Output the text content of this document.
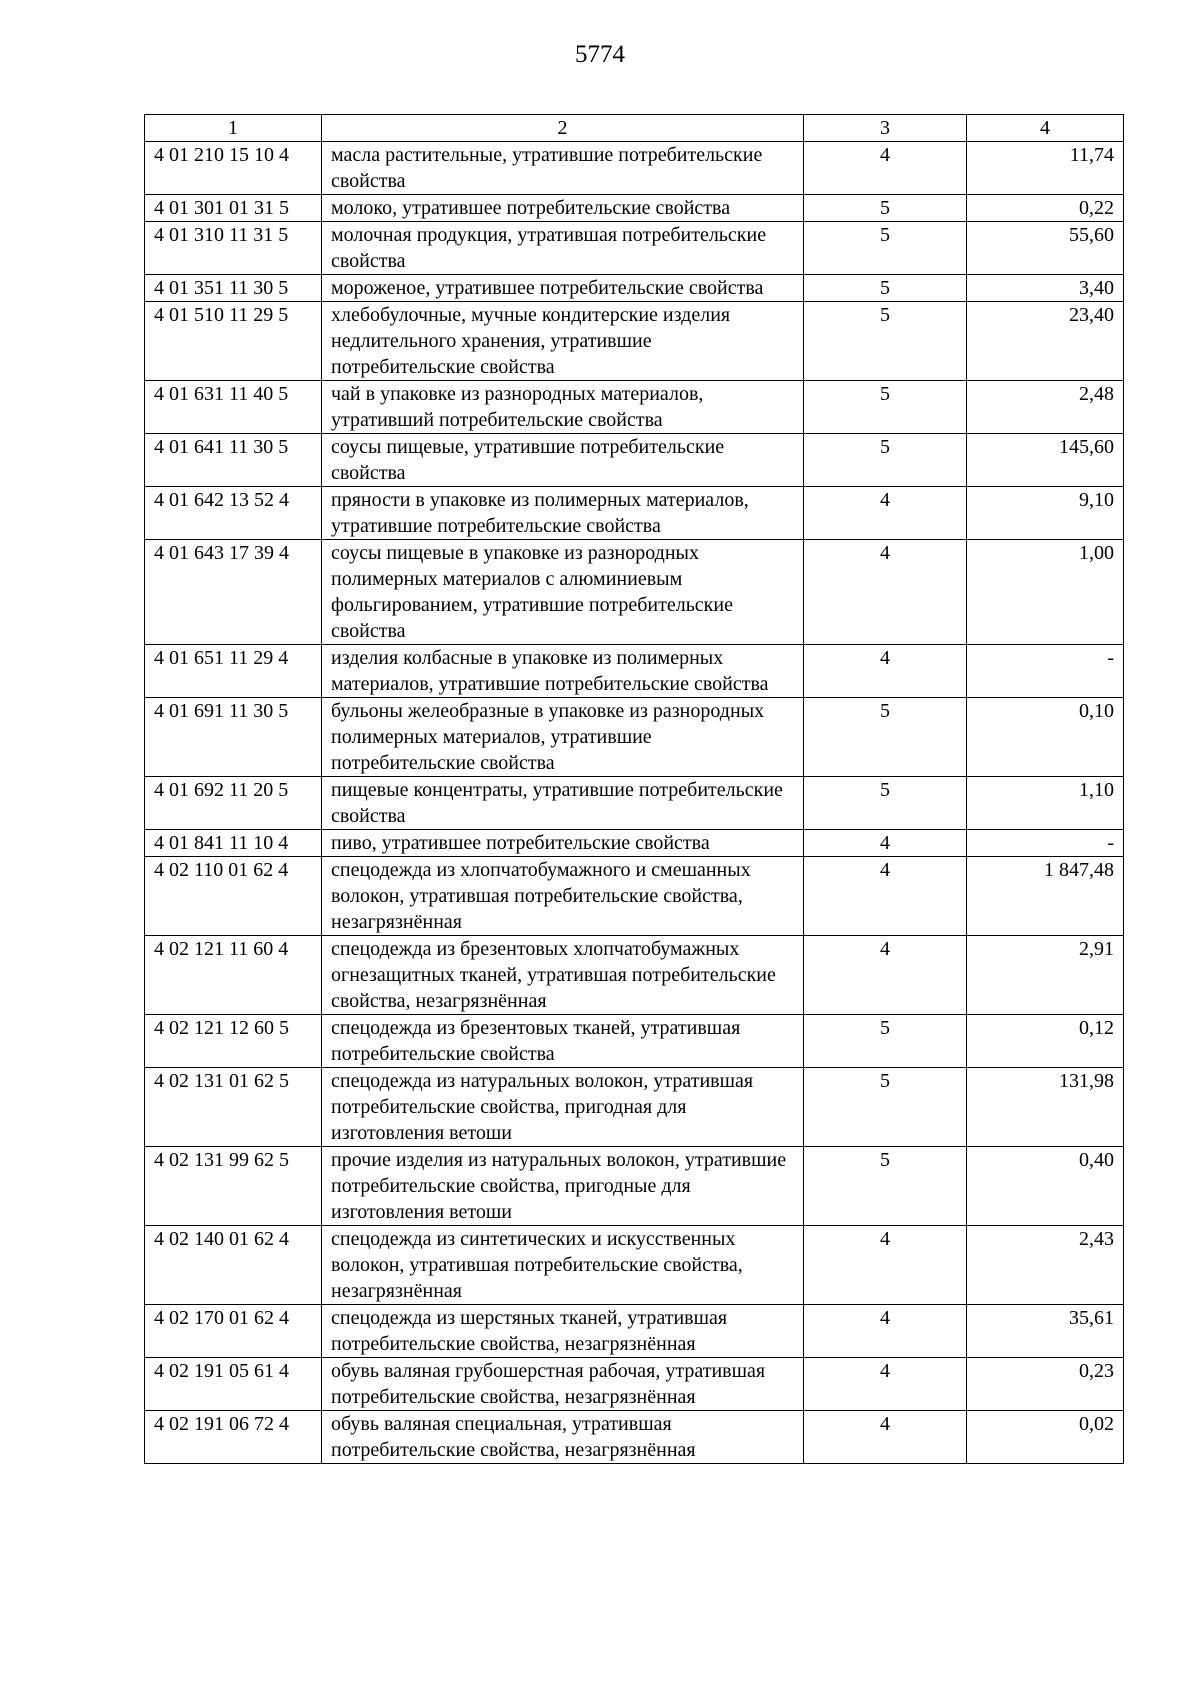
5774
1	2	3	4
4 01 210 15 10 4	масла растительные, утратившие потребительские свойства	4	11,74
4 01 301 01 31 5	молоко, утратившее потребительские свойства	5	0,22
4 01 310 11 31 5	молочная продукция, утратившая потребительские свойства	5	55,60
4 01 351 11 30 5	мороженое, утратившее потребительские свойства	5	3,40
4 01 510 11 29 5	хлебобулочные, мучные кондитерские изделия недлительного хранения, утратившие потребительские свойства	5	23,40
4 01 631 11 40 5	чай в упаковке из разнородных материалов, утративший потребительские свойства	5	2,48
4 01 641 11 30 5	соусы пищевые, утратившие потребительские свойства	5	145,60
4 01 642 13 52 4	пряности в упаковке из полимерных материалов, утратившие потребительские свойства	4	9,10
4 01 643 17 39 4	соусы пищевые в упаковке из разнородных полимерных материалов с алюминиевым фольгированием, утратившие потребительские свойства	4	1,00
4 01 651 11 29 4	изделия колбасные в упаковке из полимерных материалов, утратившие потребительские свойства	4	-
4 01 691 11 30 5	бульоны желеобразные в упаковке из разнородных полимерных материалов, утратившие потребительские свойства	5	0,10
4 01 692 11 20 5	пищевые концентраты, утратившие потребительские свойства	5	1,10
4 01 841 11 10 4	пиво, утратившее потребительские свойства	4	-
4 02 110 01 62 4	спецодежда из хлопчатобумажного и смешанных волокон, утратившая потребительские свойства, незагрязнённая	4	1 847,48
4 02 121 11 60 4	спецодежда из брезентовых хлопчатобумажных огнезащитных тканей, утратившая потребительские свойства, незагрязнённая	4	2,91
4 02 121 12 60 5	спецодежда из брезентовых тканей, утратившая потребительские свойства	5	0,12
4 02 131 01 62 5	спецодежда из натуральных волокон, утратившая потребительские свойства, пригодная для изготовления ветоши	5	131,98
4 02 131 99 62 5	прочие изделия из натуральных волокон, утратившие потребительские свойства, пригодные для изготовления ветоши	5	0,40
4 02 140 01 62 4	спецодежда из синтетических и искусственных волокон, утратившая потребительские свойства, незагрязнённая	4	2,43
4 02 170 01 62 4	спецодежда из шерстяных тканей, утратившая потребительские свойства, незагрязнённая	4	35,61
4 02 191 05 61 4	обувь валяная грубошерстная рабочая, утратившая потребительские свойства, незагрязнённая	4	0,23
4 02 191 06 72 4	обувь валяная специальная, утратившая потребительские свойства, незагрязнённая	4	0,02
